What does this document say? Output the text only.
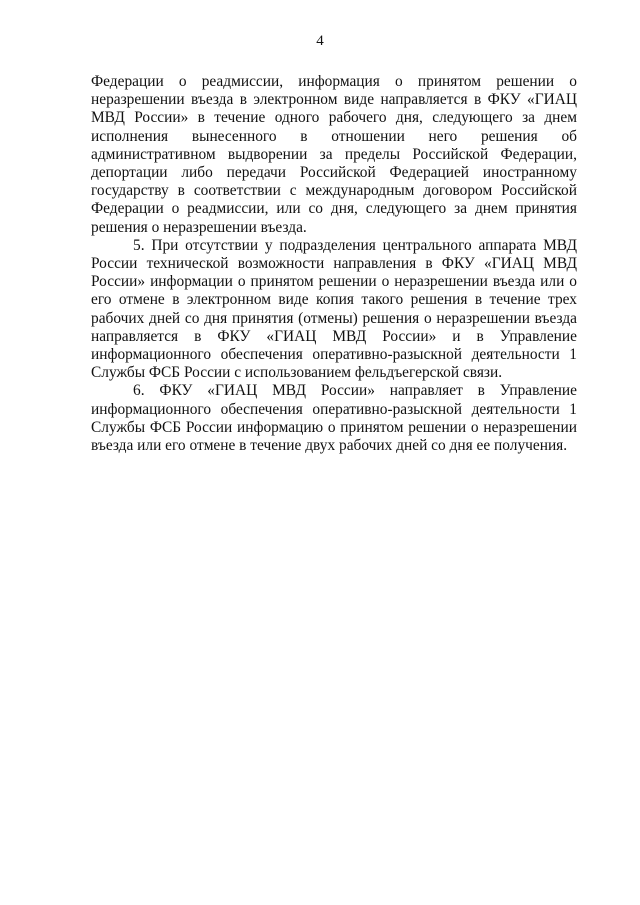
4

Федерации о реадмиссии, информация о принятом решении о неразрешении въезда в электронном виде направляется в ФКУ «ГИАЦ МВД России» в течение одного рабочего дня, следующего за днем исполнения вынесенного в отношении него решения об административном выдворении за пределы Российской Федерации, депортации либо передачи Российской Федерацией иностранному государству в соответствии с международным договором Российской Федерации о реадмиссии, или со дня, следующего за днем принятия решения о неразрешении въезда.

5. При отсутствии у подразделения центрального аппарата МВД России технической возможности направления в ФКУ «ГИАЦ МВД России» информации о принятом решении о неразрешении въезда или о его отмене в электронном виде копия такого решения в течение трех рабочих дней со дня принятия (отмены) решения о неразрешении въезда направляется в ФКУ «ГИАЦ МВД России» и в Управление информационного обеспечения оперативно-разыскной деятельности 1 Службы ФСБ России с использованием фельдъегерской связи.

6. ФКУ «ГИАЦ МВД России» направляет в Управление информационного обеспечения оперативно-разыскной деятельности 1 Службы ФСБ России информацию о принятом решении о неразрешении въезда или его отмене в течение двух рабочих дней со дня ее получения.
